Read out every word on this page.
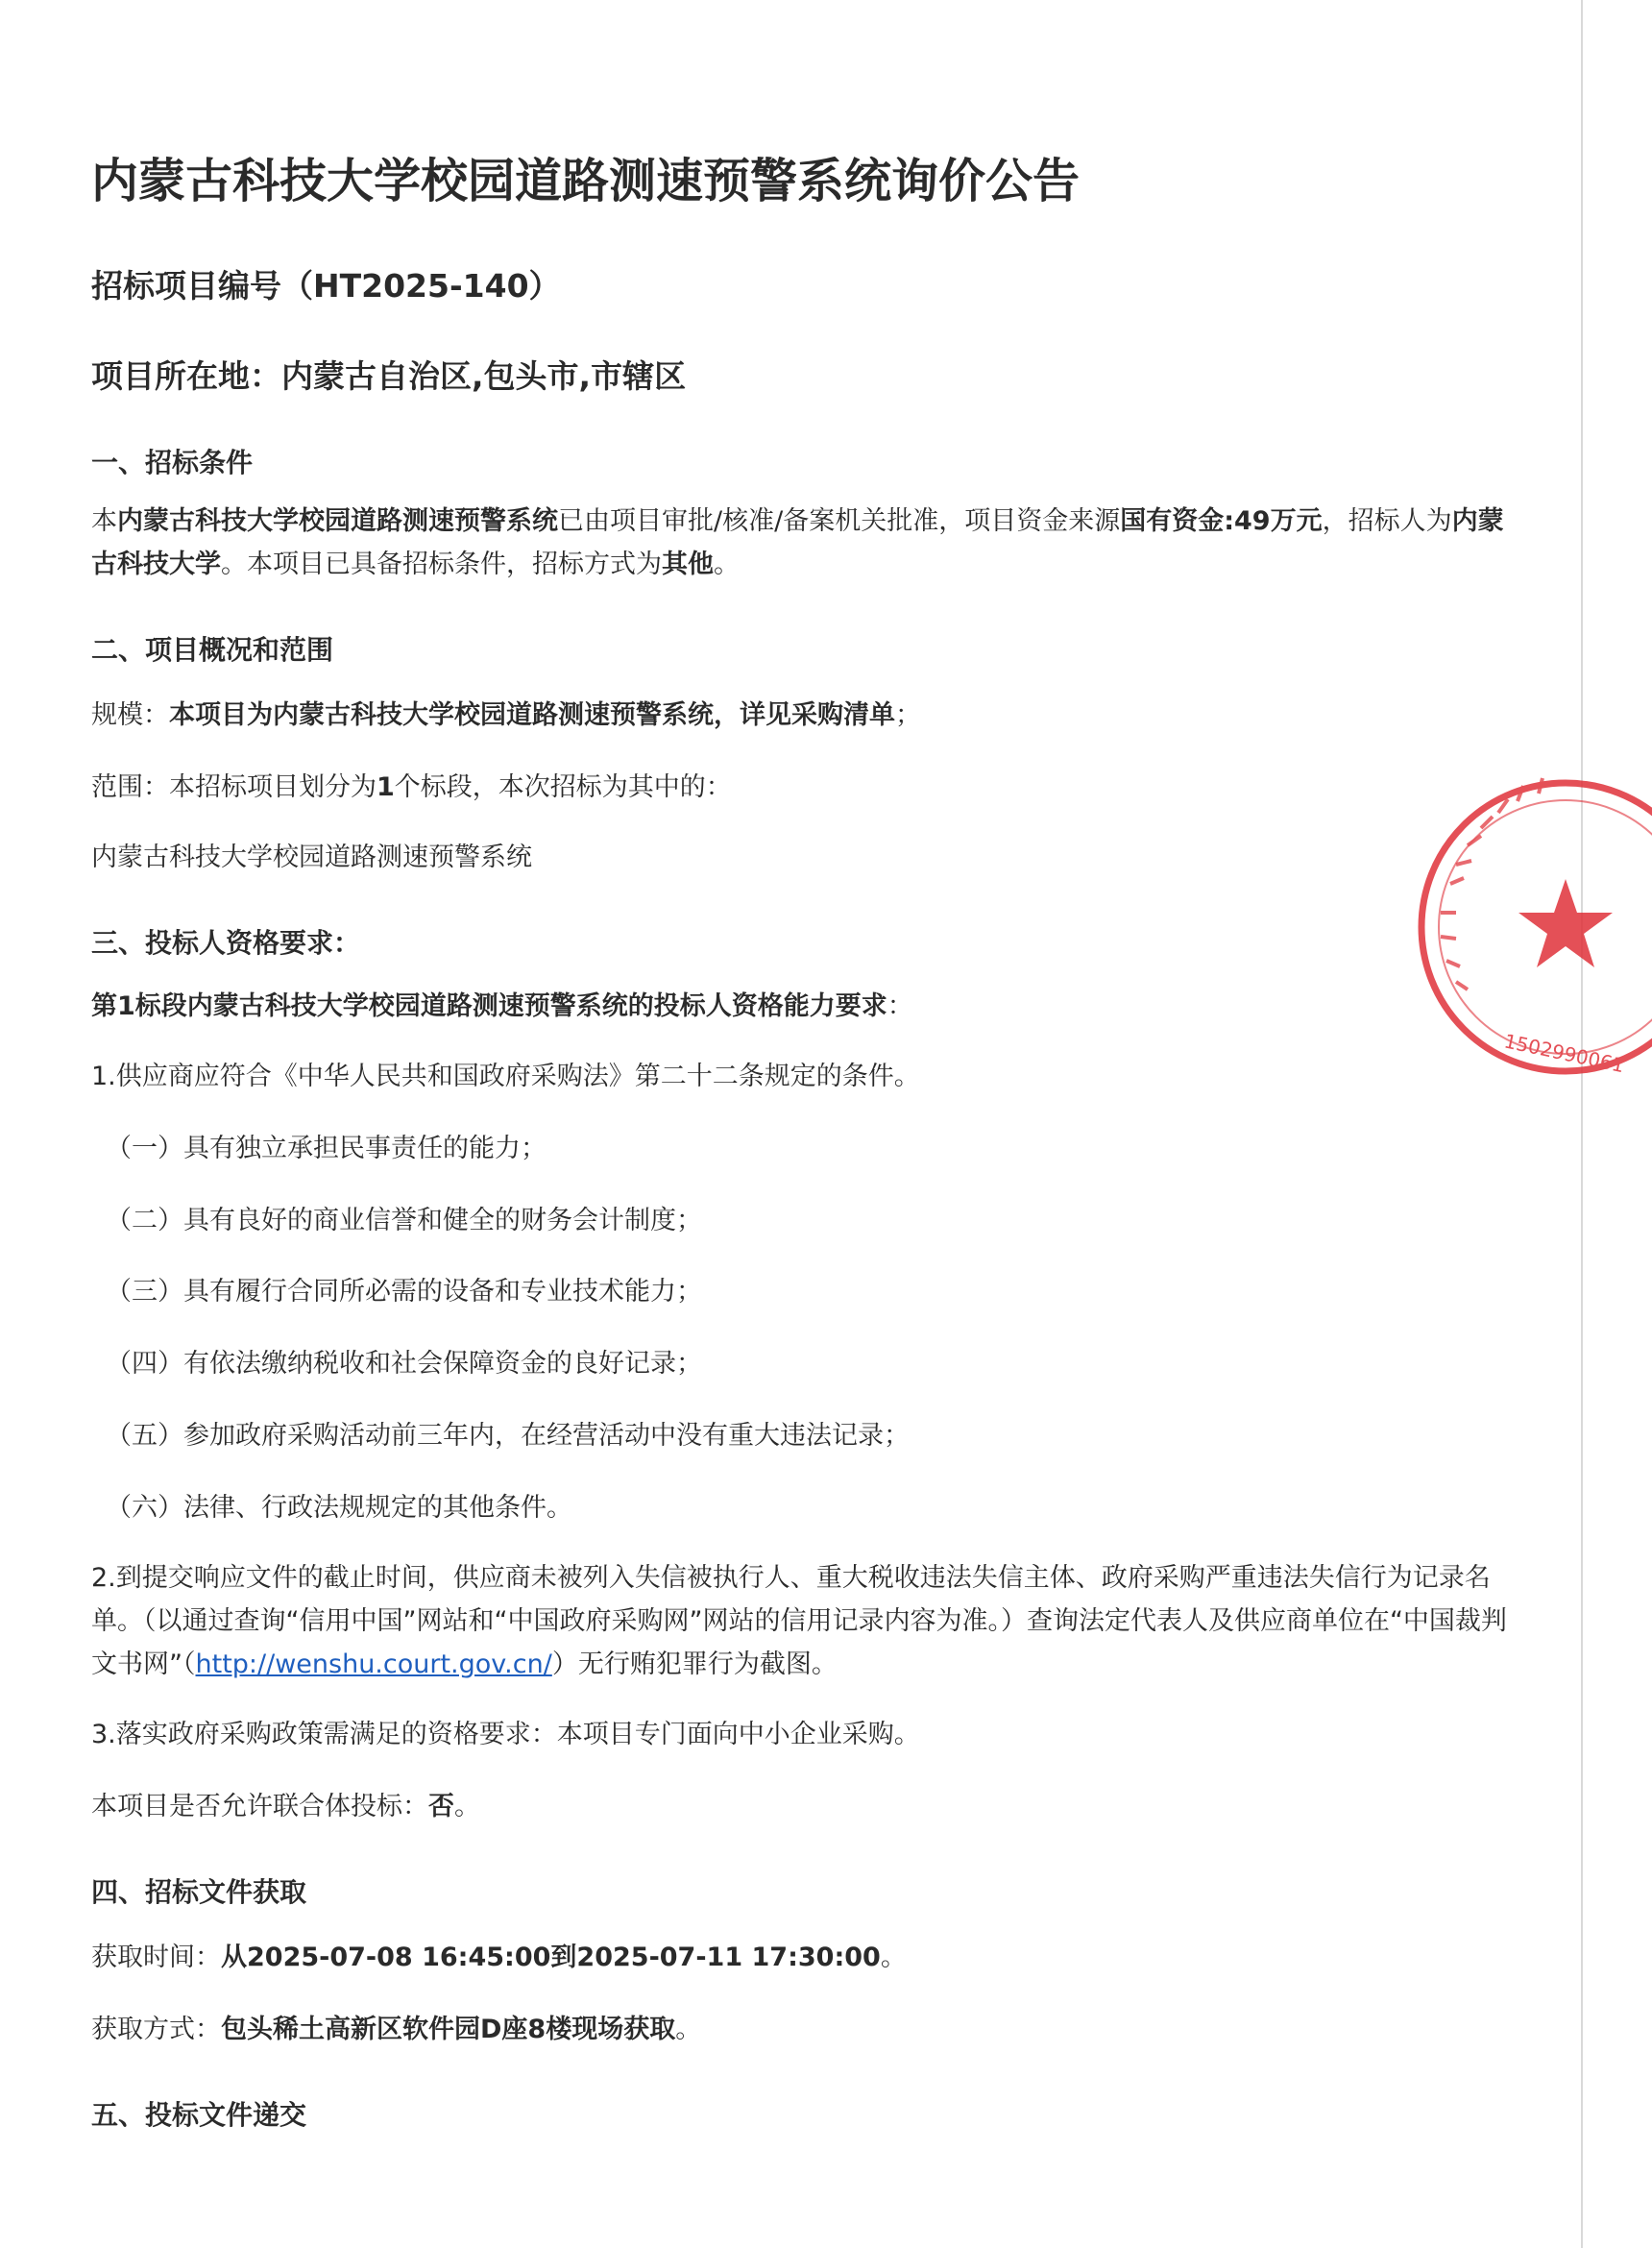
内蒙古科技大学校园道路测速预警系统询价公告
招标项目编号（HT2025-140）
项目所在地：内蒙古自治区,包头市,市辖区
一、招标条件
本内蒙古科技大学校园道路测速预警系统已由项目审批/核准/备案机关批准，项目资金来源国有资金:49万元，招标人为内蒙古科技大学。本项目已具备招标条件，招标方式为其他。
二、项目概况和范围
规模：本项目为内蒙古科技大学校园道路测速预警系统，详见采购清单；
范围：本招标项目划分为1个标段，本次招标为其中的：
内蒙古科技大学校园道路测速预警系统
三、投标人资格要求：
第1标段内蒙古科技大学校园道路测速预警系统的投标人资格能力要求：
1.供应商应符合《中华人民共和国政府采购法》第二十二条规定的条件。
（一）具有独立承担民事责任的能力；
（二）具有良好的商业信誉和健全的财务会计制度；
（三）具有履行合同所必需的设备和专业技术能力；
（四）有依法缴纳税收和社会保障资金的良好记录；
（五）参加政府采购活动前三年内，在经营活动中没有重大违法记录；
（六）法律、行政法规规定的其他条件。
2.到提交响应文件的截止时间，供应商未被列入失信被执行人、重大税收违法失信主体、政府采购严重违法失信行为记录名单。（以通过查询“信用中国”网站和“中国政府采购网”网站的信用记录内容为准。）查询法定代表人及供应商单位在“中国裁判文书网”（http://wenshu.court.gov.cn/）无行贿犯罪行为截图。
3.落实政府采购政策需满足的资格要求：本项目专门面向中小企业采购。
本项目是否允许联合体投标：否。
四、招标文件获取
获取时间：从2025-07-08 16:45:00到2025-07-11 17:30:00。
获取方式：包头稀土高新区软件园D座8楼现场获取。
五、投标文件递交
1502990061
